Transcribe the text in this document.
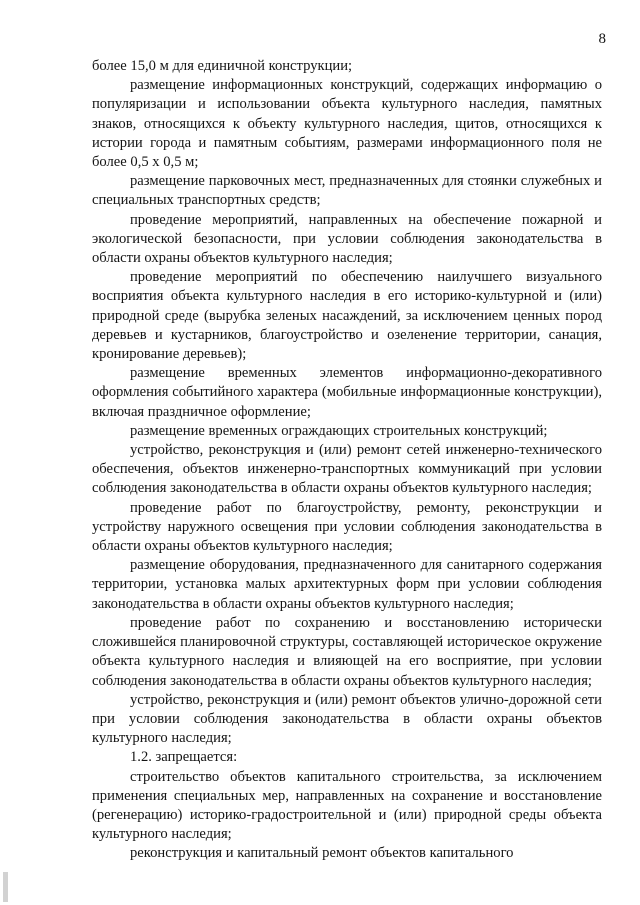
8

более 15,0 м для единичной конструкции;

размещение информационных конструкций, содержащих информацию о популяризации и использовании объекта культурного наследия, памятных знаков, относящихся к объекту культурного наследия, щитов, относящихся к истории города и памятным событиям, размерами информационного поля не более 0,5 х 0,5 м;

размещение парковочных мест, предназначенных для стоянки служебных и специальных транспортных средств;

проведение мероприятий, направленных на обеспечение пожарной и экологической безопасности, при условии соблюдения законодательства в области охраны объектов культурного наследия;

проведение мероприятий по обеспечению наилучшего визуального восприятия объекта культурного наследия в его историко-культурной и (или) природной среде (вырубка зеленых насаждений, за исключением ценных пород деревьев и кустарников, благоустройство и озеленение территории, санация, кронирование деревьев);

размещение временных элементов информационно-декоративного оформления событийного характера (мобильные информационные конструкции), включая праздничное оформление;

размещение временных ограждающих строительных конструкций;

устройство, реконструкция и (или) ремонт сетей инженерно-технического обеспечения, объектов инженерно-транспортных коммуникаций при условии соблюдения законодательства в области охраны объектов культурного наследия;

проведение работ по благоустройству, ремонту, реконструкции и устройству наружного освещения при условии соблюдения законодательства в области охраны объектов культурного наследия;

размещение оборудования, предназначенного для санитарного содержания территории, установка малых архитектурных форм при условии соблюдения законодательства в области охраны объектов культурного наследия;

проведение работ по сохранению и восстановлению исторически сложившейся планировочной структуры, составляющей историческое окружение объекта культурного наследия и влияющей на его восприятие, при условии соблюдения законодательства в области охраны объектов культурного наследия;

устройство, реконструкция и (или) ремонт объектов улично-дорожной сети при условии соблюдения законодательства в области охраны объектов культурного наследия;

1.2. запрещается:

строительство объектов капитального строительства, за исключением применения специальных мер, направленных на сохранение и восстановление (регенерацию) историко-градостроительной и (или) природной среды объекта культурного наследия;

реконструкция и капитальный ремонт объектов капитального
